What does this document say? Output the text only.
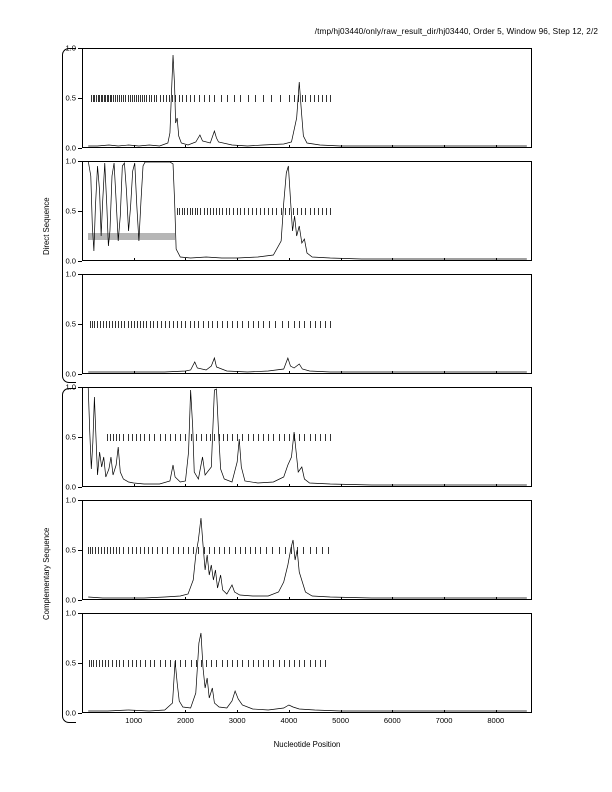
/tmp/hj03440/only/raw_result_dir/hj03440, Order 5, Window 96, Step 12, 2/2
Direct Sequence
Complementary Sequence
Nucleotide Position
0.0
0.5
1.0
0.0
0.5
1.0
0.0
0.5
1.0
0.0
0.5
1.0
0.0
0.5
1.0
0.0
0.5
1.0
1000	2000	3000	4000	5000	6000	7000	8000
